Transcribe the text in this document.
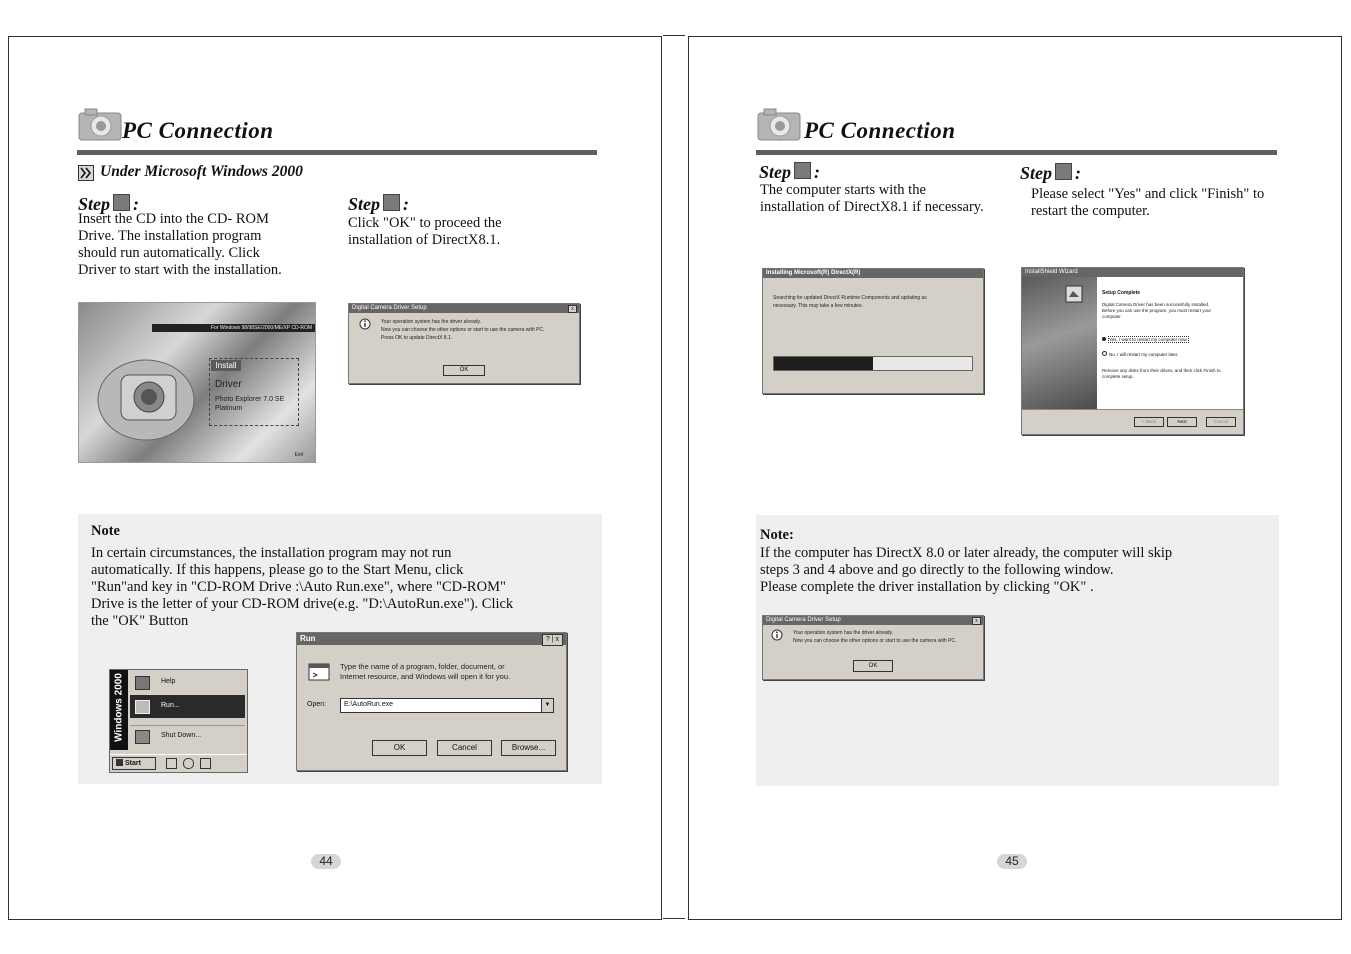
PC Connection
Under Microsoft Windows 2000
Step :
Insert the CD into the CD- ROM
Drive. The installation program
should run automatically. Click
Driver to start with the installation.
Step :
Click "OK" to proceed the
installation of DirectX8.1.
For Windows 98/98SE/2000/ME/XP CD-ROM
Install
Driver
Photo Explorer 7.0 SE
Platinum
Exit
Digital Camera Driver Setup	x
Your operation system has the driver already.
Now you can choose the other options or start to use the camera with PC.
Press OK to update DirectX 8.1.
OK
Note
In certain circumstances, the installation program may not run
automatically. If this happens, please go to the Start Menu, click
"Run"and key in "CD-ROM Drive :\Auto Run.exe", where "CD-ROM"
Drive is the letter of your CD-ROM drive(e.g. "D:\AutoRun.exe"). Click
the "OK" Button
Windows 2000	Help
Run...
Shut Down...
Start
Run	? | x
Type the name of a program, folder, document, or
Internet resource, and Windows will open it for you.
Open:	E:\AutoRun.exe	▼
OK	Cancel	Browse...
44
PC Connection
Step :
The computer starts with the
installation of DirectX8.1 if necessary.
Step :
Please select "Yes" and click "Finish" to
restart the computer.
Installing Microsoft(R) DirectX(R)
Searching for updated DirectX Runtime Components and updating as
necessary. This may take a few minutes.
InstallShield Wizard
Setup Complete
Digital Camera Driver has been successfully installed.
Before you can use the program, you must restart your
computer.
Yes, I want to restart my computer now.
No, I will restart my computer later.
Remove any disks from their drives, and then click Finish to
complete setup.
< Back	Next	Cancel
Note:
If the computer has DirectX 8.0 or later already, the computer will skip
steps 3 and 4 above and go directly to the following window.
Please complete the driver installation by clicking "OK" .
Digital Camera Driver Setup	x
Your operation system has the driver already.
Now you can choose the other options or start to use the camera with PC.
OK
45
